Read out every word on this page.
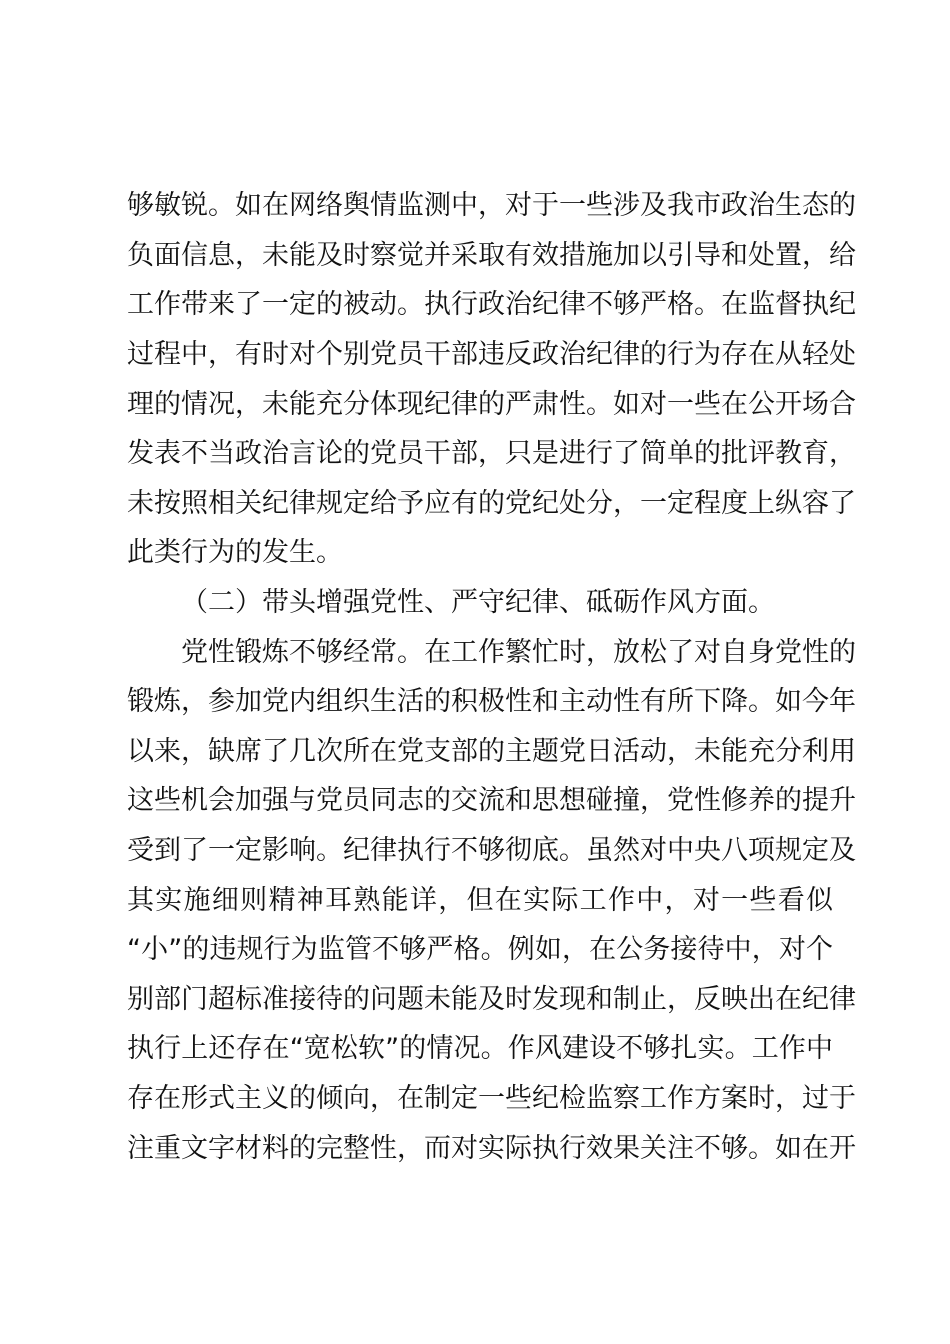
够敏锐。如在网络舆情监测中，对于一些涉及我市政治生态的
负面信息，未能及时察觉并采取有效措施加以引导和处置，给
工作带来了一定的被动。执行政治纪律不够严格。在监督执纪
过程中，有时对个别党员干部违反政治纪律的行为存在从轻处
理的情况，未能充分体现纪律的严肃性。如对一些在公开场合
发表不当政治言论的党员干部，只是进行了简单的批评教育，
未按照相关纪律规定给予应有的党纪处分，一定程度上纵容了
此类行为的发生。
（二）带头增强党性、严守纪律、砥砺作风方面。
党性锻炼不够经常。在工作繁忙时，放松了对自身党性的
锻炼，参加党内组织生活的积极性和主动性有所下降。如今年
以来，缺席了几次所在党支部的主题党日活动，未能充分利用
这些机会加强与党员同志的交流和思想碰撞，党性修养的提升
受到了一定影响。纪律执行不够彻底。虽然对中央八项规定及
其实施细则精神耳熟能详，但在实际工作中，对一些看似
“小”的违规行为监管不够严格。例如，在公务接待中，对个
别部门超标准接待的问题未能及时发现和制止，反映出在纪律
执行上还存在“宽松软”的情况。作风建设不够扎实。工作中
存在形式主义的倾向，在制定一些纪检监察工作方案时，过于
注重文字材料的完整性，而对实际执行效果关注不够。如在开
